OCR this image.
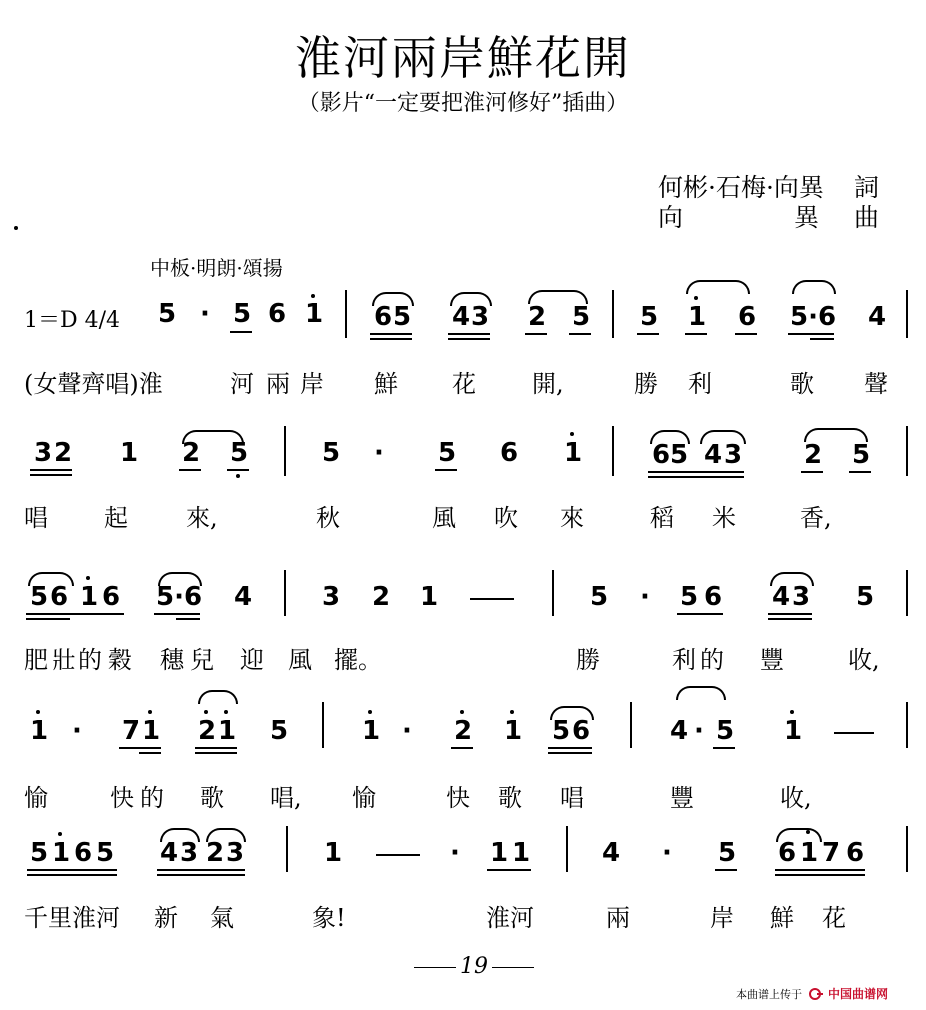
淮河兩岸鮮花開
（影片“一定要把淮河修好”插曲）
何彬·石梅·向異 詞
向	異 曲
中板·明朗·頌揚
1＝D 4/4 5 · 5 6 1 6 5 4 3 2 5 5 1 6 5·6 4
(女聲齊唱)淮	河 兩 岸 鮮 花 開,	勝 利	歌 聲
3 2 1 2 5	5 · 5 6 1	6 5 4 3 2 5
唱 起 來,	秋	風 吹 來	稻 米	香,
5 6 1 6 5·6 4	3 2 1	5 · 5 6 4 3 5
肥 壯 的 穀 穗 兒 迎 風 擺。	勝	利 的 豐	收,
1 · 7 1 2 1 5	1 · 2 1 5 6	4 · 5 1
愉	快 的 歌 唱, 愉	快 歌 唱	豐	收,
5 1 6 5 4 3 2 3	1	· 1 1	4 · 5 6 1 7 6
千 里 淮 河 新 氣	象!	淮 河	兩	岸 鮮 花
19
本曲谱上传于 中国曲谱网
